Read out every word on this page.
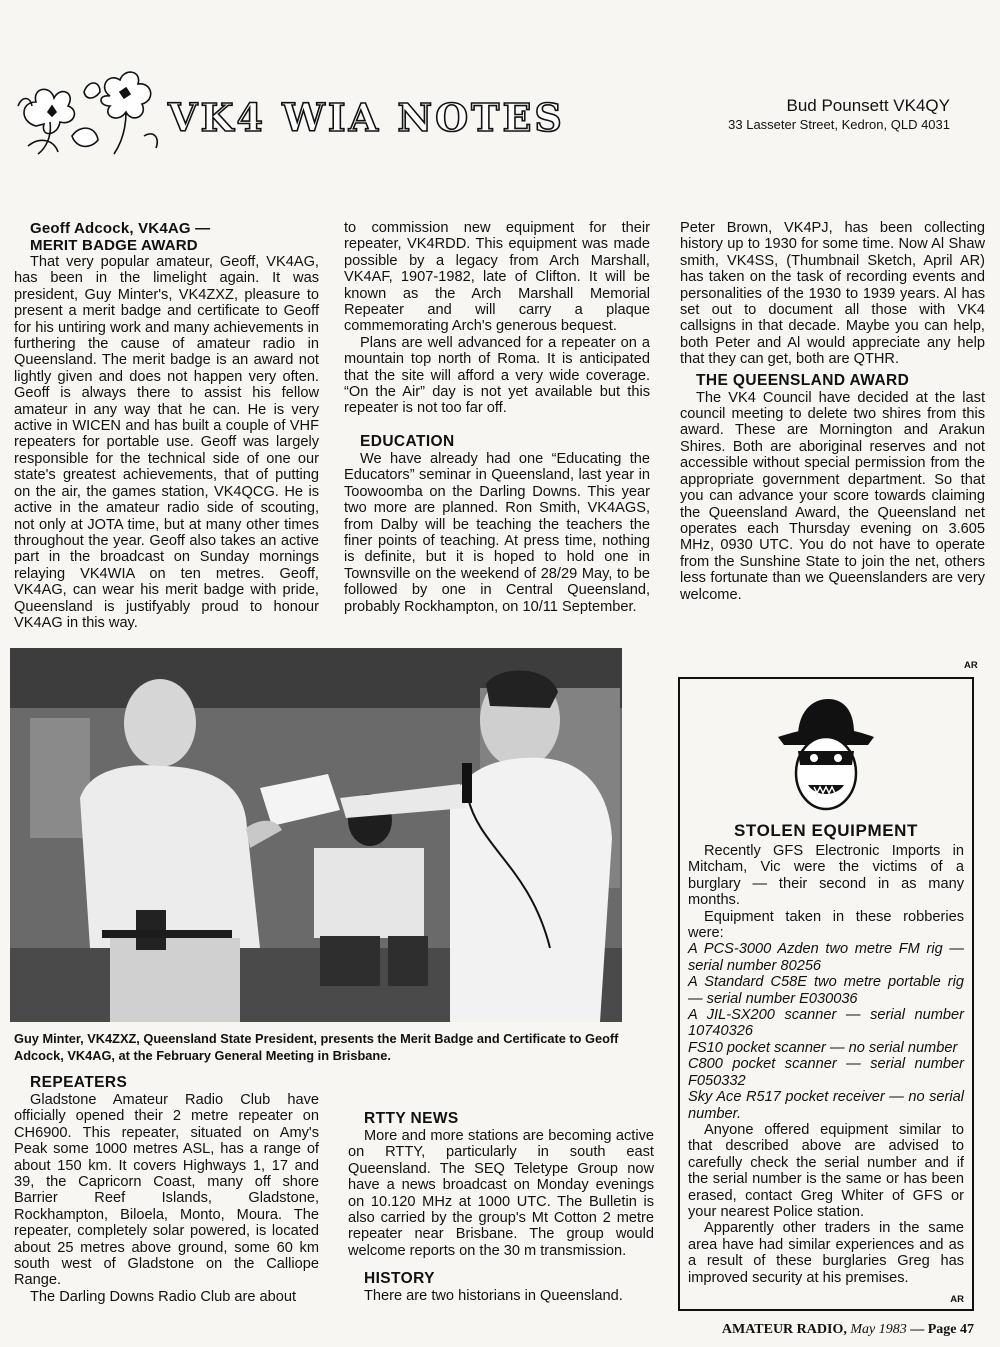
VK4 WIA NOTES	Bud Pounsett VK4QY
33 Lasseter Street, Kedron, QLD 4031

Geoff Adcock, VK4AG —

MERIT BADGE AWARD

That very popular amateur, Geoff, VK4AG, has been in the limelight again. It was president, Guy Minter's, VK4ZXZ, pleasure to present a merit badge and certificate to Geoff for his untiring work and many achievements in furthering the cause of amateur radio in Queensland. The merit badge is an award not lightly given and does not happen very often. Geoff is always there to assist his fellow amateur in any way that he can. He is very active in WICEN and has built a couple of VHF repeaters for portable use. Geoff was largely responsible for the technical side of one our state's greatest achievements, that of putting on the air, the games station, VK4QCG. He is active in the amateur radio side of scouting, not only at JOTA time, but at many other times throughout the year. Geoff also takes an active part in the broadcast on Sunday mornings relaying VK4WIA on ten metres. Geoff, VK4AG, can wear his merit badge with pride, Queensland is justifyably proud to honour VK4AG in this way.

to commission new equipment for their repeater, VK4RDD. This equipment was made possible by a legacy from Arch Marshall, VK4AF, 1907-1982, late of Clifton. It will be known as the Arch Marshall Memorial Repeater and will carry a plaque commemorating Arch's generous bequest.

Plans are well advanced for a repeater on a mountain top north of Roma. It is anticipated that the site will afford a very wide coverage. “On the Air” day is not yet available but this repeater is not too far off.

EDUCATION

We have already had one “Educating the Educators” seminar in Queensland, last year in Toowoomba on the Darling Downs. This year two more are planned. Ron Smith, VK4AGS, from Dalby will be teaching the teachers the finer points of teaching. At press time, nothing is definite, but it is hoped to hold one in Townsville on the weekend of 28/29 May, to be followed by one in Central Queensland, probably Rockhampton, on 10/11 September.

Peter Brown, VK4PJ, has been collecting history up to 1930 for some time. Now Al Shaw smith, VK4SS, (Thumbnail Sketch, April AR) has taken on the task of recording events and personalities of the 1930 to 1939 years. Al has set out to document all those with VK4 callsigns in that decade. Maybe you can help, both Peter and Al would appreciate any help that they can get, both are QTHR.

THE QUEENSLAND AWARD

The VK4 Council have decided at the last council meeting to delete two shires from this award. These are Mornington and Arakun Shires. Both are aboriginal reserves and not accessible without special permission from the appropriate government department. So that you can advance your score towards claiming the Queensland Award, the Queensland net operates each Thursday evening on 3.605 MHz, 0930 UTC. You do not have to operate from the Sunshine State to join the net, others less fortunate than we Queenslanders are very welcome.

AR
Guy Minter, VK4ZXZ, Queensland State President, presents the Merit Badge and Certificate to Geoff Adcock, VK4AG, at the February General Meeting in Brisbane.

REPEATERS

Gladstone Amateur Radio Club have officially opened their 2 metre repeater on CH6900. This repeater, situated on Amy's Peak some 1000 metres ASL, has a range of about 150 km. It covers Highways 1, 17 and 39, the Capricorn Coast, many off shore Barrier Reef Islands, Gladstone, Rockhampton, Biloela, Monto, Moura. The repeater, completely solar powered, is located about 25 metres above ground, some 60 km south west of Gladstone on the Calliope Range.

The Darling Downs Radio Club are about

RTTY NEWS

More and more stations are becoming active on RTTY, particularly in south east Queensland. The SEQ Teletype Group now have a news broadcast on Monday evenings on 10.120 MHz at 1000 UTC. The Bulletin is also carried by the group's Mt Cotton 2 metre repeater near Brisbane. The group would welcome reports on the 30 m transmission.

HISTORY

There are two historians in Queensland.

STOLEN EQUIPMENT

Recently GFS Electronic Imports in Mitcham, Vic were the victims of a burglary — their second in as many months.

Equipment taken in these robberies were:

A PCS-3000 Azden two metre FM rig —serial number 80256

A Standard C58E two metre portable rig — serial number E030036

A JIL-SX200 scanner — serial number 10740326

FS10 pocket scanner — no serial number

C800 pocket scanner — serial number F050332

Sky Ace R517 pocket receiver — no serial number.

Anyone offered equipment similar to that described above are advised to carefully check the serial number and if the serial number is the same or has been erased, contact Greg Whiter of GFS or your nearest Police station.

Apparently other traders in the same area have had similar experiences and as a result of these burglaries Greg has improved security at his premises.

AR
AMATEUR RADIO, May 1983 — Page 47
